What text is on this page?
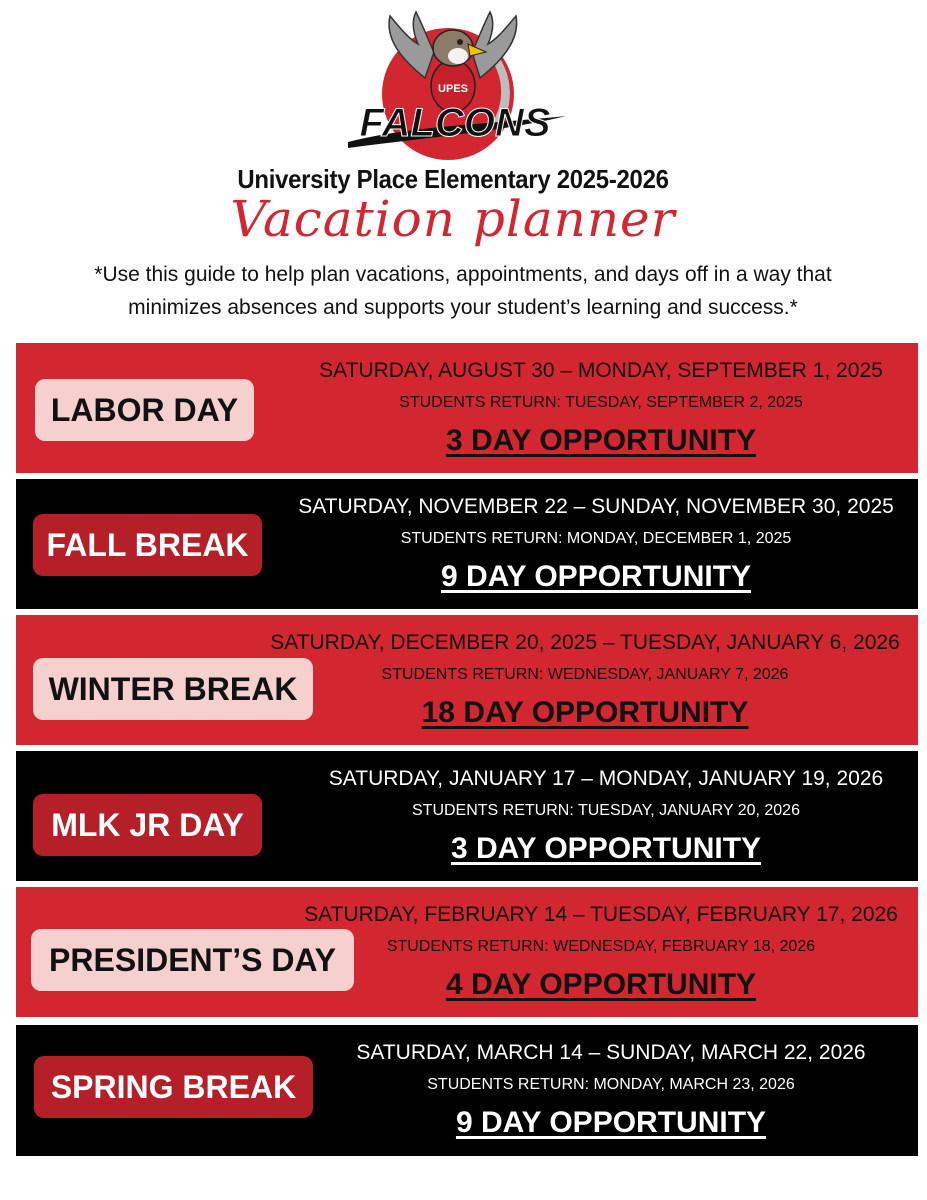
UPES
FALCONS
University Place Elementary 2025-2026
Vacation planner
*Use this guide to help plan vacations, appointments, and days off in a way that
minimizes absences and supports your student’s learning and success.*
LABOR DAY
SATURDAY, AUGUST 30 – MONDAY, SEPTEMBER 1, 2025
STUDENTS RETURN: TUESDAY, SEPTEMBER 2, 2025
3 DAY OPPORTUNITY
FALL BREAK
SATURDAY, NOVEMBER 22 – SUNDAY, NOVEMBER 30, 2025
STUDENTS RETURN: MONDAY, DECEMBER 1, 2025
9 DAY OPPORTUNITY
WINTER BREAK
SATURDAY, DECEMBER 20, 2025 – TUESDAY, JANUARY 6, 2026
STUDENTS RETURN: WEDNESDAY, JANUARY 7, 2026
18 DAY OPPORTUNITY
MLK JR DAY
SATURDAY, JANUARY 17 – MONDAY, JANUARY 19, 2026
STUDENTS RETURN: TUESDAY, JANUARY 20, 2026
3 DAY OPPORTUNITY
PRESIDENT’S DAY
SATURDAY, FEBRUARY 14 – TUESDAY, FEBRUARY 17, 2026
STUDENTS RETURN: WEDNESDAY, FEBRUARY 18, 2026
4 DAY OPPORTUNITY
SPRING BREAK
SATURDAY, MARCH 14 – SUNDAY, MARCH 22, 2026
STUDENTS RETURN: MONDAY, MARCH 23, 2026
9 DAY OPPORTUNITY
